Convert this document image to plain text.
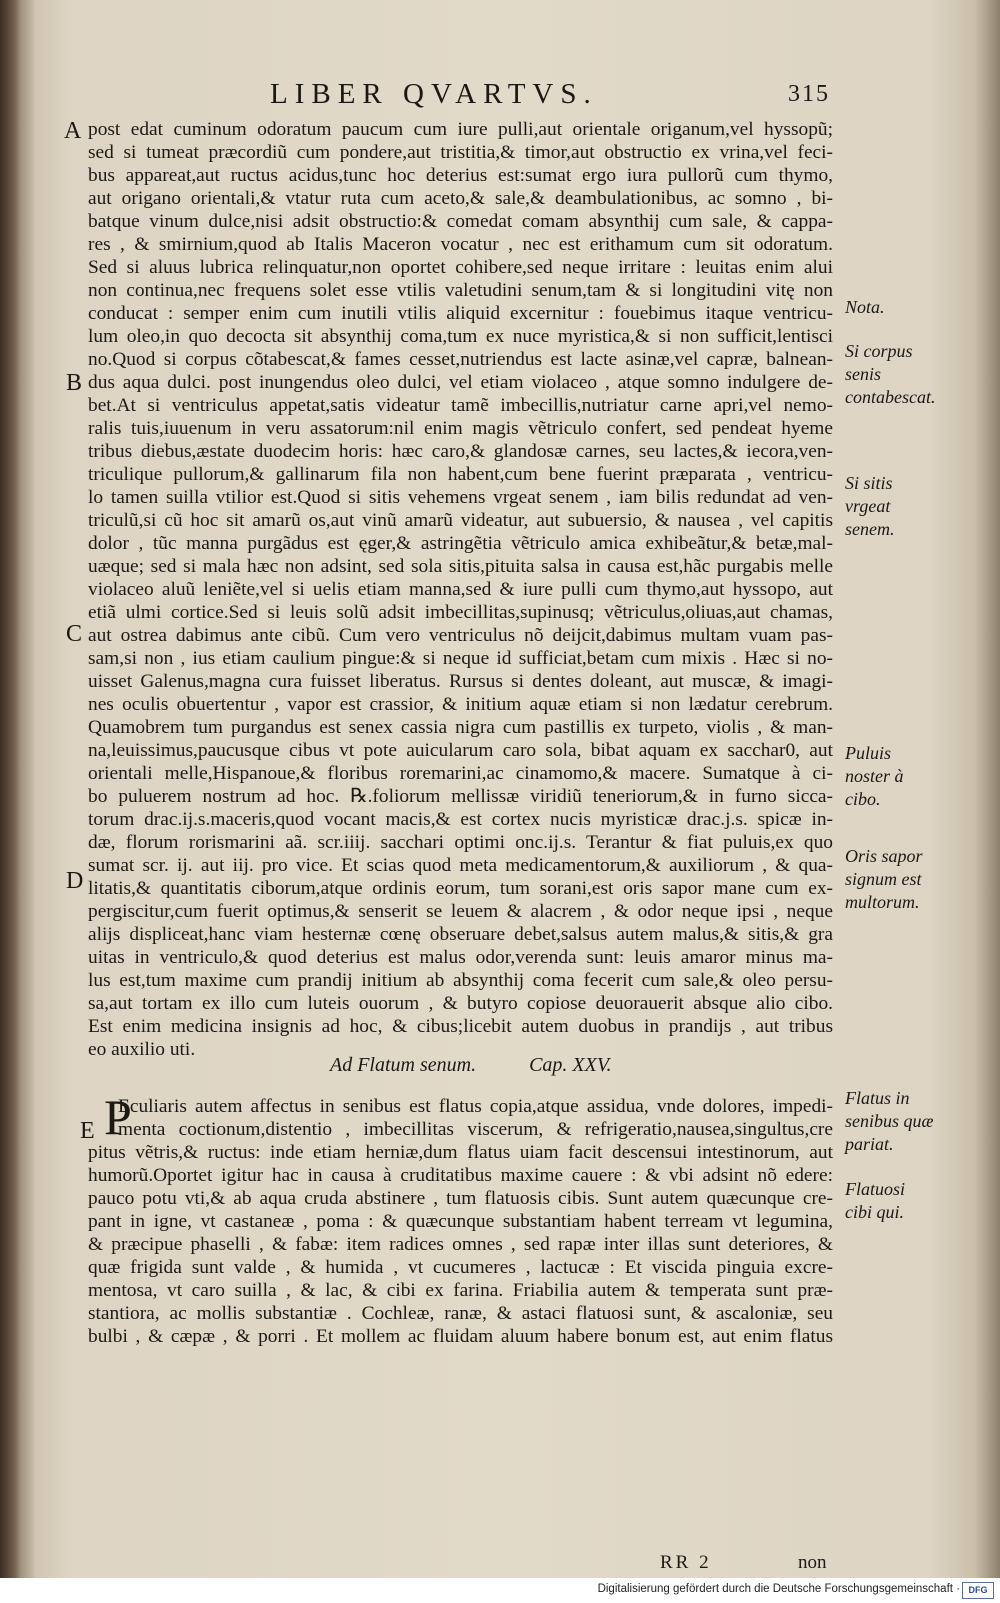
LIBER QVARTVS.	315
A
B
C
D
E
post edat cuminum odoratum paucum cum iure pulli,aut orientale origanum,vel hyssopũ;
sed si tumeat præcordiũ cum pondere,aut tristitia,& timor,aut obstructio ex vrina,vel feci-
bus appareat,aut ructus acidus,tunc hoc deterius est:sumat ergo iura pullorũ cum thymo,
aut origano orientali,& vtatur ruta cum aceto,& sale,& deambulationibus, ac somno , bi-
batque vinum dulce,nisi adsit obstructio:& comedat comam absynthij cum sale, & cappa-
res , & smirnium,quod ab Italis Maceron vocatur , nec est erithamum cum sit odoratum.
Sed si aluus lubrica relinquatur,non oportet cohibere,sed neque irritare : leuitas enim alui
non continua,nec frequens solet esse vtilis valetudini senum,tam & si longitudini vitę non
conducat : semper enim cum inutili vtilis aliquid excernitur : fouebimus itaque ventricu-
lum oleo,in quo decocta sit absynthij coma,tum ex nuce myristica,& si non sufficit,lentisci
no.Quod si corpus cõtabescat,& fames cesset,nutriendus est lacte asinæ,vel capræ, balnean-
dus aqua dulci. post inungendus oleo dulci, vel etiam violaceo , atque somno indulgere de-
bet.At si ventriculus appetat,satis videatur tamẽ imbecillis,nutriatur carne apri,vel nemo-
ralis tuis,iuuenum in veru assatorum:nil enim magis vẽtriculo confert, sed pendeat hyeme
tribus diebus,æstate duodecim horis: hæc caro,& glandosæ carnes, seu lactes,& iecora,ven-
triculique pullorum,& gallinarum fila non habent,cum bene fuerint præparata , ventricu-
lo tamen suilla vtilior est.Quod si sitis vehemens vrgeat senem , iam bilis redundat ad ven-
triculũ,si cũ hoc sit amarũ os,aut vinũ amarũ videatur, aut subuersio, & nausea , vel capitis
dolor , tũc manna purgãdus est ęger,& astringẽtia vẽtriculo amica exhibeãtur,& betæ,mal-
uæque; sed si mala hæc non adsint, sed sola sitis,pituita salsa in causa est,hãc purgabis melle
violaceo aluũ leniẽte,vel si uelis etiam manna,sed & iure pulli cum thymo,aut hyssopo, aut
etiã ulmi cortice.Sed si leuis solũ adsit imbecillitas,supinusq; vẽtriculus,oliuas,aut chamas,
aut ostrea dabimus ante cibũ. Cum vero ventriculus nõ deijcit,dabimus multam vuam pas-
sam,si non , ius etiam caulium pingue:& si neque id sufficiat,betam cum mixis . Hæc si no-
uisset Galenus,magna cura fuisset liberatus. Rursus si dentes doleant, aut muscæ, & imagi-
nes oculis obuertentur , vapor est crassior, & initium aquæ etiam si non lædatur cerebrum.
Quamobrem tum purgandus est senex cassia nigra cum pastillis ex turpeto, violis , & man-
na,leuissimus,paucusque cibus vt pote auicularum caro sola, bibat aquam ex sacchar0, aut
orientali melle,Hispanoue,& floribus roremarini,ac cinamomo,& macere. Sumatque à ci-
bo puluerem nostrum ad hoc. ℞.foliorum mellissæ viridiũ teneriorum,& in furno sicca-
torum drac.ij.s.maceris,quod vocant macis,& est cortex nucis myristicæ drac.j.s. spicæ in-
dæ, florum rorismarini aã. scr.iiij. sacchari optimi onc.ij.s. Terantur & fiat puluis,ex quo
sumat scr. ij. aut iij. pro vice. Et scias quod meta medicamentorum,& auxiliorum , & qua-
litatis,& quantitatis ciborum,atque ordinis eorum, tum sorani,est oris sapor mane cum ex-
pergiscitur,cum fuerit optimus,& senserit se leuem & alacrem , & odor neque ipsi , neque
alijs displiceat,hanc viam hesternæ cœnę obseruare debet,salsus autem malus,& sitis,& gra
uitas in ventriculo,& quod deterius est malus odor,verenda sunt: leuis amaror minus ma-
lus est,tum maxime cum prandij initium ab absynthij coma fecerit cum sale,& oleo persu-
sa,aut tortam ex illo cum luteis ouorum , & butyro copiose deuorauerit absque alio cibo.
Est enim medicina insignis ad hoc, & cibus;licebit autem duobus in prandijs , aut tribus
eo auxilio uti.
Nota.
Si corpus senis contabescat.
Si sitis vrgeat senem.
Puluis noster à cibo.
Oris sapor signum est multorum.
Flatus in senibus quæ pariat.
Flatuosi cibi qui.
Ad Flatum senum.	Cap. XXV.
P
Eculiaris autem affectus in senibus est flatus copia,atque assidua, vnde dolores, impedi-
menta coctionum,distentio , imbecillitas viscerum, & refrigeratio,nausea,singultus,cre
pitus vẽtris,& ructus: inde etiam herniæ,dum flatus uiam facit descensui intestinorum, aut
humorũ.Oportet igitur hac in causa à cruditatibus maxime cauere : & vbi adsint nõ edere:
pauco potu vti,& ab aqua cruda abstinere , tum flatuosis cibis. Sunt autem quæcunque cre-
pant in igne, vt castaneæ , poma : & quæcunque substantiam habent terream vt legumina,
& præcipue phaselli , & fabæ: item radices omnes , sed rapæ inter illas sunt deteriores, &
quæ frigida sunt valde , & humida , vt cucumeres , lactucæ : Et viscida pinguia excre-
mentosa, vt caro suilla , & lac, & cibi ex farina. Friabilia autem & temperata sunt præ-
stantiora, ac mollis substantiæ . Cochleæ, ranæ, & astaci flatuosi sunt, & ascaloniæ, seu
bulbi , & cæpæ , & porri . Et mollem ac fluidam aluum habere bonum est, aut enim flatus
RR 2	non
Digitalisierung gefördert durch die Deutsche Forschungsgemeinschaft · DFG
